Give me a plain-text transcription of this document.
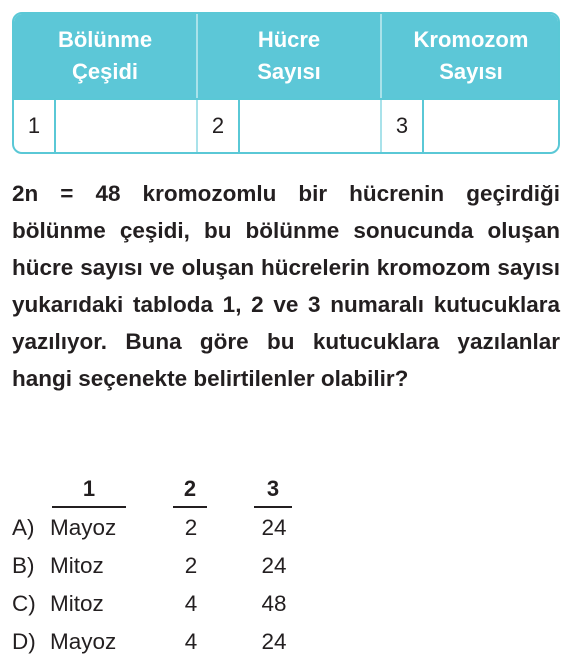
Bölünme
Çeşidi
Hücre
Sayısı
Kromozom
Sayısı
1	2	3
2n = 48 kromozomlu bir hücrenin geçirdiği bölünme çeşidi, bu bölünme sonucunda oluşan hücre sayısı ve oluşan hücrelerin kromozom sayısı yukarıdaki tabloda 1, 2 ve 3 numaralı kutucuklara yazılıyor. Buna göre bu kutucuklara yazılanlar hangi seçenekte belirtilenler olabilir?
1	2	3
A) Mayoz	2	24
B) Mitoz	2	24
C) Mitoz	4	48
D) Mayoz	4	24
